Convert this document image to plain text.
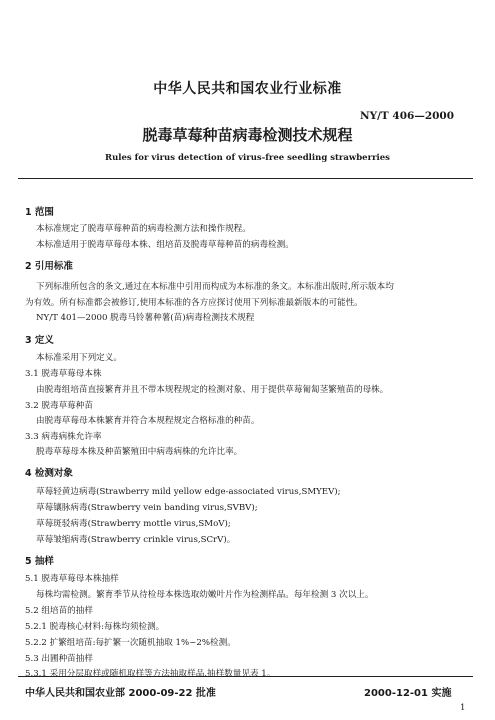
中华人民共和国农业行业标准
NY/T 406—2000
脱毒草莓种苗病毒检测技术规程
Rules for virus detection of virus-free seedling strawberries
1 范围
本标准规定了脱毒草莓种苗的病毒检测方法和操作规程。
本标准适用于脱毒草莓母本株、组培苗及脱毒草莓种苗的病毒检测。
2 引用标准
下列标准所包含的条文,通过在本标准中引用而构成为本标准的条文。本标准出版时,所示版本均
为有效。所有标准都会被修订,使用本标准的各方应探讨使用下列标准最新版本的可能性。
NY/T 401—2000 脱毒马铃薯种薯(苗)病毒检测技术规程
3 定义
本标准采用下列定义。
3.1 脱毒草莓母本株
由脱毒组培苗直接繁育并且不带本规程规定的检测对象、用于提供草莓匍匐茎繁殖苗的母株。
3.2 脱毒草莓种苗
由脱毒草莓母本株繁育并符合本规程规定合格标准的种苗。
3.3 病毒病株允许率
脱毒草莓母本株及种苗繁殖田中病毒病株的允许比率。
4 检测对象
草莓轻黄边病毒(Strawberry mild yellow edge-associated virus,SMYEV);
草莓镶脉病毒(Strawberry vein banding virus,SVBV);
草莓斑驳病毒(Strawberry mottle virus,SMoV);
草莓皱缩病毒(Strawberry crinkle virus,SCrV)。
5 抽样
5.1 脱毒草莓母本株抽样
每株均需检测。繁育季节从待检母本株选取幼嫩叶片作为检测样品。每年检测 3 次以上。
5.2 组培苗的抽样
5.2.1 脱毒核心材料:每株均须检测。
5.2.2 扩繁组培苗:每扩繁一次随机抽取 1%~2%检测。
5.3 出圃种苗抽样
5.3.1 采用分层取样或随机取样等方法抽取样品,抽样数量见表 1。
中华人民共和国农业部 2000-09-22 批准	2000-12-01 实施
1
